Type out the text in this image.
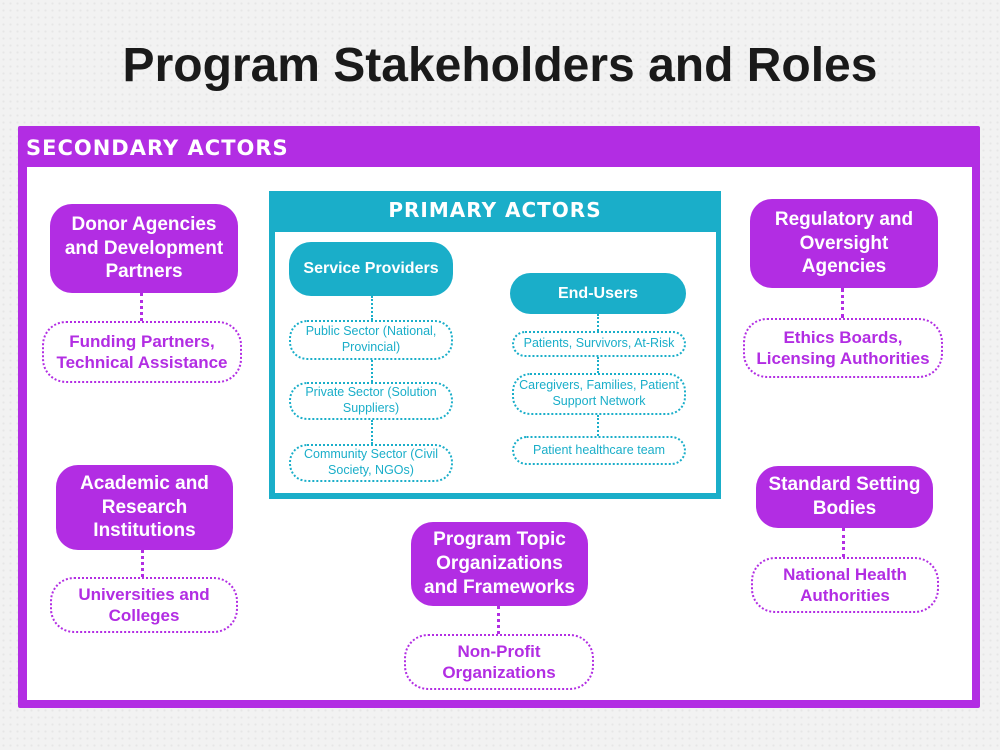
Program Stakeholders and Roles
SECONDARY ACTORS
Donor Agencies and Development Partners
Funding Partners, Technical Assistance
Regulatory and Oversight Agencies
Ethics Boards, Licensing Authorities
Academic and Research Institutions
Universities and Colleges
Standard Setting Bodies
National Health Authorities
Program Topic Organizations and Frameworks
Non-Profit Organizations
PRIMARY ACTORS
Service Providers
Public Sector (National, Provincial)
Private Sector (Solution Suppliers)
Community Sector (Civil Society, NGOs)
End-Users
Patients, Survivors, At-Risk
Caregivers, Families, Patient Support Network
Patient healthcare team
